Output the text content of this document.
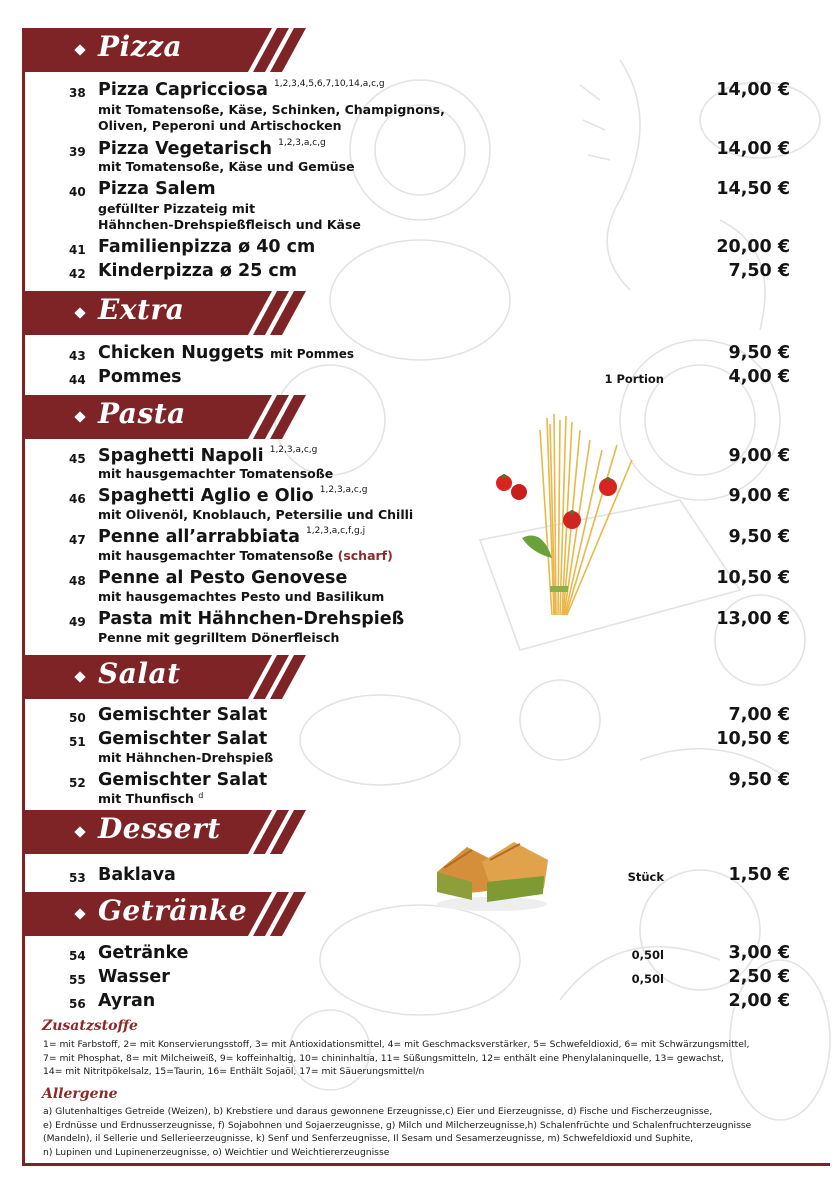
Pizza
38 Pizza Capricciosa $^{1,2,3,4,5,6,7,10,14,a,c,g}$
mit Tomatensoße, Käse, Schinken, Champignons,
Oliven, Peperoni und Artischocken
14,00 €
39 Pizza Vegetarisch $^{1,2,3,a,c,g}$
mit Tomatensoße, Käse und Gemüse
14,00 €
40 Pizza Salem
gefüllter Pizzateig mit
Hähnchen-Drehspießfleisch und Käse
14,50 €
41 Familienpizza ø 40 cm	20,00 €
42 Kinderpizza ø 25 cm	7,50 €
Extra
43 Chicken Nuggets mit Pommes	9,50 €
44 Pommes	1 Portion	4,00 €
Pasta
45 Spaghetti Napoli $^{1,2,3,a,c,g}$
mit hausgemachter Tomatensoße
9,00 €
46 Spaghetti Aglio e Olio $^{1,2,3,a,c,g}$
mit Olivenöl, Knoblauch, Petersilie und Chilli
9,00 €
47 Penne all’arrabbiata $^{1,2,3,a,c,f,g,j}$
mit hausgemachter Tomatensoße (scharf)
9,50 €
48 Penne al Pesto Genovese
mit hausgemachtes Pesto und Basilikum
10,50 €
49 Pasta mit Hähnchen-Drehspieß
Penne mit gegrilltem Dönerfleisch
13,00 €
Salat
50 Gemischter Salat	7,00 €
51 Gemischter Salat
mit Hähnchen-Drehspieß
10,50 €
52 Gemischter Salat
mit Thunfisch $^d$
9,50 €
Dessert
53 Baklava	Stück	1,50 €
Getränke
54 Getränke	0,50l	3,00 €
55 Wasser	0,50l	2,50 €
56 Ayran	2,00 €
Zusatzstoffe
1= mit Farbstoff, 2= mit Konservierungsstoff, 3= mit Antioxidationsmittel, 4= mit Geschmacksverstärker, 5= Schwefeldioxid, 6= mit Schwärzungsmittel,
7= mit Phosphat, 8= mit Milcheiweiß, 9= koffeinhaltig, 10= chininhaltia, 11= Süßungsmitteln, 12= enthält eine Phenylalaninquelle, 13= gewachst,
14= mit Nitritpökelsalz, 15=Taurin, 16= Enthält Sojaöl, 17= mit Säuerungsmittel/n
Allergene
a) Glutenhaltiges Getreide (Weizen), b) Krebstiere und daraus gewonnene Erzeugnisse,c) Eier und Eierzeugnisse, d) Fische und Fischerzeugnisse,
e) Erdnüsse und Erdnusserzeugnisse, f) Sojabohnen und Sojaerzeugnisse, g) Milch und Milcherzeugnisse,h) Schalenfrüchte und Schalenfruchterzeugnisse
(Mandeln), il Sellerie und Sellerieerzeugnisse, k) Senf und Senferzeugnisse, Il Sesam und Sesamerzeugnisse, m) Schwefeldioxid und Suphite,
n) Lupinen und Lupinenerzeugnisse, o) Weichtier und Weichtiererzeugnisse
